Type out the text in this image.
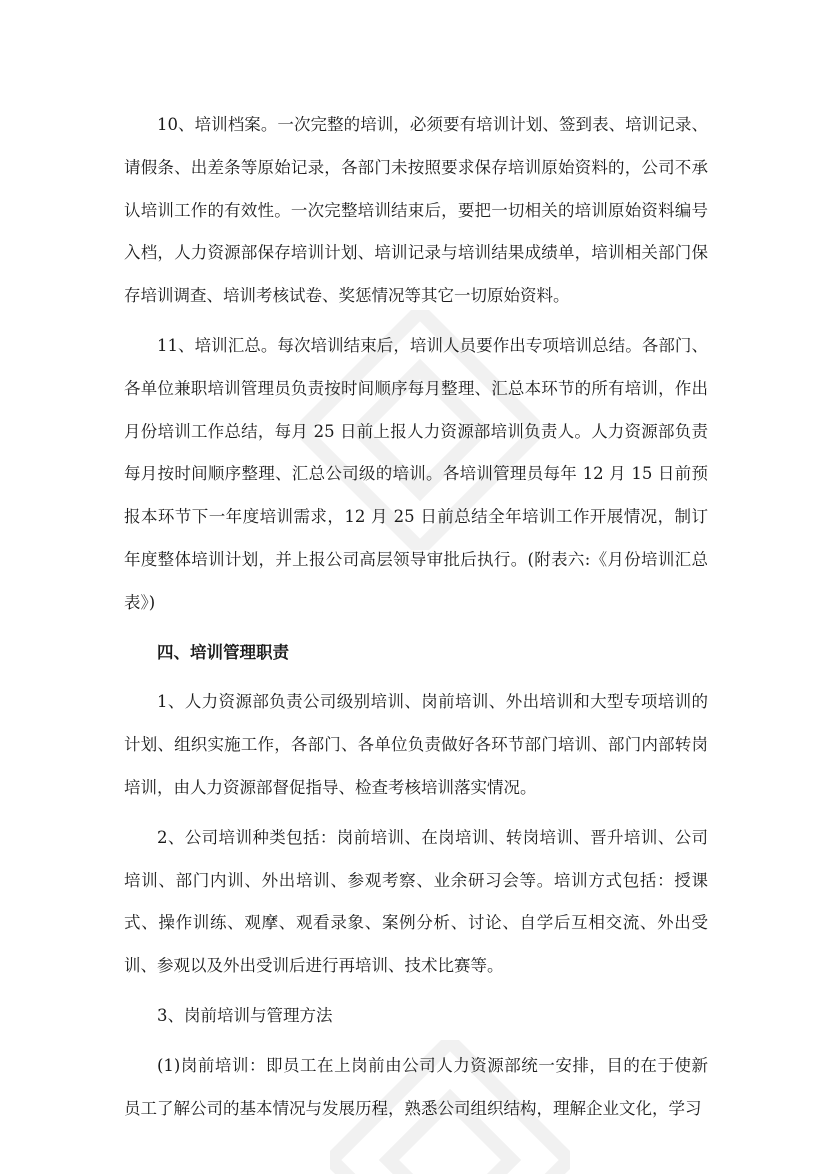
10、培训档案。一次完整的培训，必须要有培训计划、签到表、培训记录、请假条、出差条等原始记录，各部门未按照要求保存培训原始资料的，公司不承认培训工作的有效性。一次完整培训结束后，要把一切相关的培训原始资料编号入档，人力资源部保存培训计划、培训记录与培训结果成绩单，培训相关部门保存培训调查、培训考核试卷、奖惩情况等其它一切原始资料。

11、培训汇总。每次培训结束后，培训人员要作出专项培训总结。各部门、各单位兼职培训管理员负责按时间顺序每月整理、汇总本环节的所有培训，作出月份培训工作总结，每月 25 日前上报人力资源部培训负责人。人力资源部负责每月按时间顺序整理、汇总公司级的培训。各培训管理员每年 12 月 15 日前预报本环节下一年度培训需求，12 月 25 日前总结全年培训工作开展情况，制订年度整体培训计划，并上报公司高层领导审批后执行。(附表六:《月份培训汇总表》)

四、培训管理职责

1、人力资源部负责公司级别培训、岗前培训、外出培训和大型专项培训的计划、组织实施工作，各部门、各单位负责做好各环节部门培训、部门内部转岗培训，由人力资源部督促指导、检查考核培训落实情况。

2、公司培训种类包括：岗前培训、在岗培训、转岗培训、晋升培训、公司培训、部门内训、外出培训、参观考察、业余研习会等。培训方式包括：授课式、操作训练、观摩、观看录象、案例分析、讨论、自学后互相交流、外出受训、参观以及外出受训后进行再培训、技术比赛等。

3、岗前培训与管理方法

(1)岗前培训：即员工在上岗前由公司人力资源部统一安排，目的在于使新员工了解公司的基本情况与发展历程，熟悉公司组织结构，理解企业文化，学习
